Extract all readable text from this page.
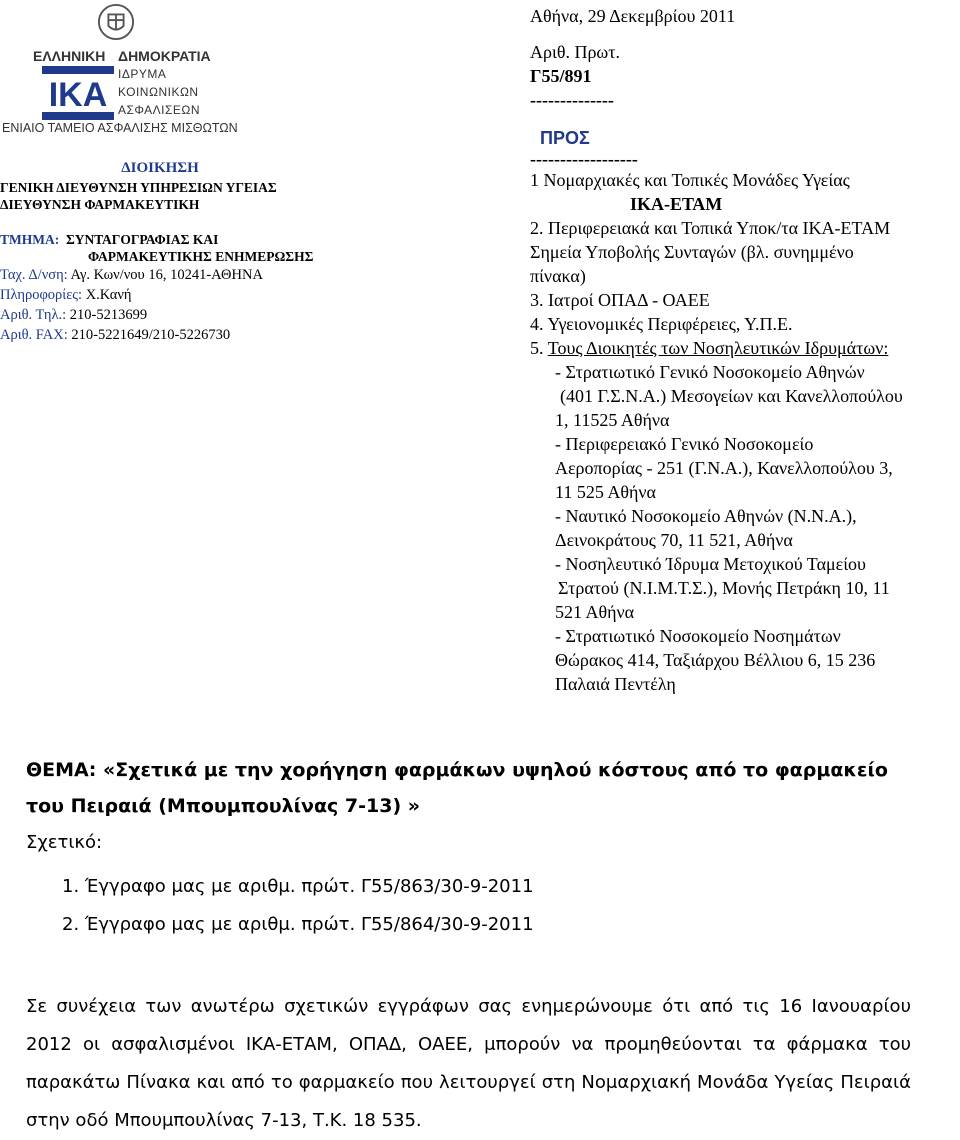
ΕΛΛΗΝΙΚΗ ΔΗΜΟΚΡΑΤΙΑ
IKA
ΙΔΡΥΜΑ
ΚΟΙΝΩΝΙΚΩΝ
ΑΣΦΑΛΙΣΕΩΝ
ΕΝΙΑΙΟ ΤΑΜΕΙΟ ΑΣΦΑΛΙΣΗΣ ΜΙΣΘΩΤΩΝ
ΔΙΟΙΚΗΣΗ
ΓΕΝΙΚΗ ΔΙΕΥΘΥΝΣΗ ΥΠΗΡΕΣΙΩΝ ΥΓΕΙΑΣ
ΔΙΕΥΘΥΝΣΗ ΦΑΡΜΑΚΕΥΤΙΚΗ
ΤΜΗΜΑ: ΣΥΝΤΑΓΟΓΡΑΦΙΑΣ ΚΑΙ
ΦΑΡΜΑΚΕΥΤΙΚΗΣ ΕΝΗΜΕΡΩΣΗΣ
Ταχ. Δ/νση: Αγ. Κων/νου 16, 10241-ΑΘΗΝΑ
Πληροφορίες: Χ.Κανή
Αριθ. Τηλ.: 210-5213699
Αριθ. FAX: 210-5221649/210-5226730
Αθήνα, 29 Δεκεμβρίου 2011
Αριθ. Πρωτ.
Γ55/891
--------------
ΠΡΟΣ
------------------
1 Νομαρχιακές και Τοπικές Μονάδες Υγείας
ΙΚΑ-ΕΤΑΜ
2. Περιφερειακά και Τοπικά Υποκ/τα ΙΚΑ-ΕΤΑΜ
Σημεία Υποβολής Συνταγών (βλ. συνημμένο
πίνακα)
3. Ιατροί ΟΠΑΔ - ΟΑΕΕ
4. Υγειονομικές Περιφέρειες, Υ.Π.Ε.
5. Τους Διοικητές των Νοσηλευτικών Ιδρυμάτων:
- Στρατιωτικό Γενικό Νοσοκομείο Αθηνών
(401 Γ.Σ.Ν.Α.) Μεσογείων και Κανελλοπούλου
1, 11525 Αθήνα
- Περιφερειακό Γενικό Νοσοκομείο
Αεροπορίας - 251 (Γ.Ν.Α.), Κανελλοπούλου 3,
11 525 Αθήνα
- Ναυτικό Νοσοκομείο Αθηνών (Ν.Ν.Α.),
Δεινοκράτους 70, 11 521, Αθήνα
- Νοσηλευτικό Ίδρυμα Μετοχικού Ταμείου
Στρατού (Ν.Ι.Μ.Τ.Σ.), Μονής Πετράκη 10, 11
521 Αθήνα
- Στρατιωτικό Νοσοκομείο Νοσημάτων
Θώρακος 414, Ταξιάρχου Βέλλιου 6, 15 236
Παλαιά Πεντέλη
ΘΕΜΑ: «Σχετικά με την χορήγηση φαρμάκων υψηλού κόστους από το φαρμακείο
του Πειραιά (Μπουμπουλίνας 7-13) »
Σχετικό:
1. Έγγραφο μας με αριθμ. πρώτ. Γ55/863/30-9-2011
2. Έγγραφο μας με αριθμ. πρώτ. Γ55/864/30-9-2011
Σε συνέχεια των ανωτέρω σχετικών εγγράφων σας ενημερώνουμε ότι από τις 16 Ιανουαρίου 2012 οι ασφαλισμένοι ΙΚΑ-ΕΤΑΜ, ΟΠΑΔ, ΟΑΕΕ, μπορούν να προμηθεύονται τα φάρμακα του παρακάτω Πίνακα και από το φαρμακείο που λειτουργεί στη Νομαρχιακή Μονάδα Υγείας Πειραιά στην οδό Μπουμπουλίνας 7-13, Τ.Κ. 18 535.
